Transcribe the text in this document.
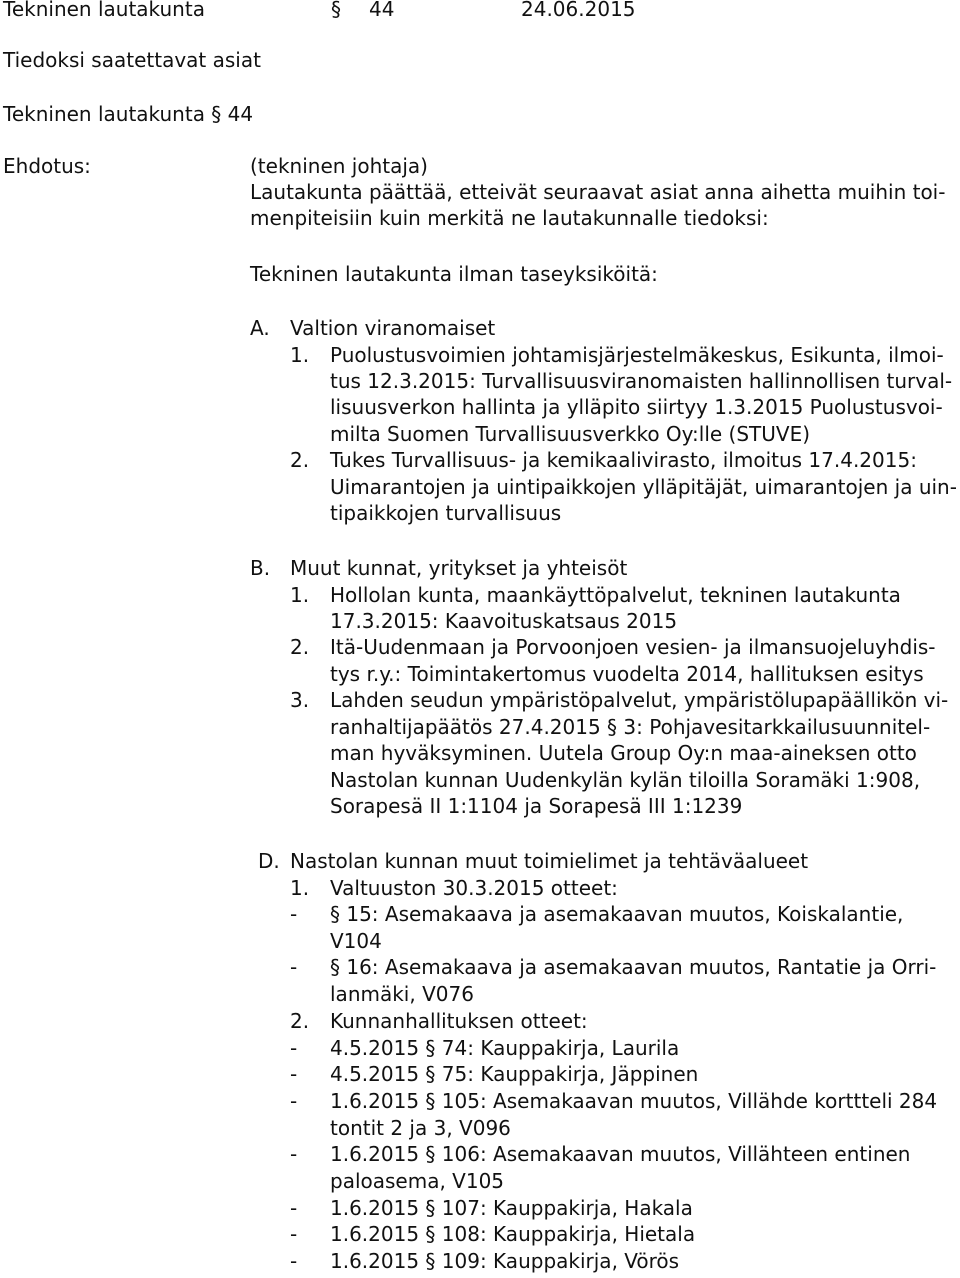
Tekninen lautakunta	§ 44	24.06.2015
Tiedoksi saatettavat asiat
Tekninen lautakunta § 44
Ehdotus:	(tekninen johtaja)
Lautakunta päättää, etteivät seuraavat asiat anna aihetta muihin toi-
menpiteisiin kuin merkitä ne lautakunnalle tiedoksi:
Tekninen lautakunta ilman taseyksiköitä:
A. Valtion viranomaiset
1. Puolustusvoimien johtamisjärjestelmäkeskus, Esikunta, ilmoi-
tus 12.3.2015: Turvallisuusviranomaisten hallinnollisen turval-
lisuusverkon hallinta ja ylläpito siirtyy 1.3.2015 Puolustusvoi-
milta Suomen Turvallisuusverkko Oy:lle (STUVE)
2. Tukes Turvallisuus- ja kemikaalivirasto, ilmoitus 17.4.2015:
Uimarantojen ja uintipaikkojen ylläpitäjät, uimarantojen ja uin-
tipaikkojen turvallisuus
B. Muut kunnat, yritykset ja yhteisöt
1. Hollolan kunta, maankäyttöpalvelut, tekninen lautakunta
17.3.2015: Kaavoituskatsaus 2015
2. Itä-Uudenmaan ja Porvoonjoen vesien- ja ilmansuojeluyhdis-
tys r.y.: Toimintakertomus vuodelta 2014, hallituksen esitys
3. Lahden seudun ympäristöpalvelut, ympäristölupapäällikön vi-
ranhaltijapäätös 27.4.2015 § 3: Pohjavesitarkkailusuunnitel-
man hyväksyminen. Uutela Group Oy:n maa-aineksen otto
Nastolan kunnan Uudenkylän kylän tiloilla Soramäki 1:908,
Sorapesä II 1:1104 ja Sorapesä III 1:1239
D. Nastolan kunnan muut toimielimet ja tehtäväalueet
1. Valtuuston 30.3.2015 otteet:
- § 15: Asemakaava ja asemakaavan muutos, Koiskalantie,
V104
- § 16: Asemakaava ja asemakaavan muutos, Rantatie ja Orri-
lanmäki, V076
2. Kunnanhallituksen otteet:
- 4.5.2015 § 74: Kauppakirja, Laurila
- 4.5.2015 § 75: Kauppakirja, Jäppinen
- 1.6.2015 § 105: Asemakaavan muutos, Villähde korttteli 284
tontit 2 ja 3, V096
- 1.6.2015 § 106: Asemakaavan muutos, Villähteen entinen
paloasema, V105
- 1.6.2015 § 107: Kauppakirja, Hakala
- 1.6.2015 § 108: Kauppakirja, Hietala
- 1.6.2015 § 109: Kauppakirja, Vörös
